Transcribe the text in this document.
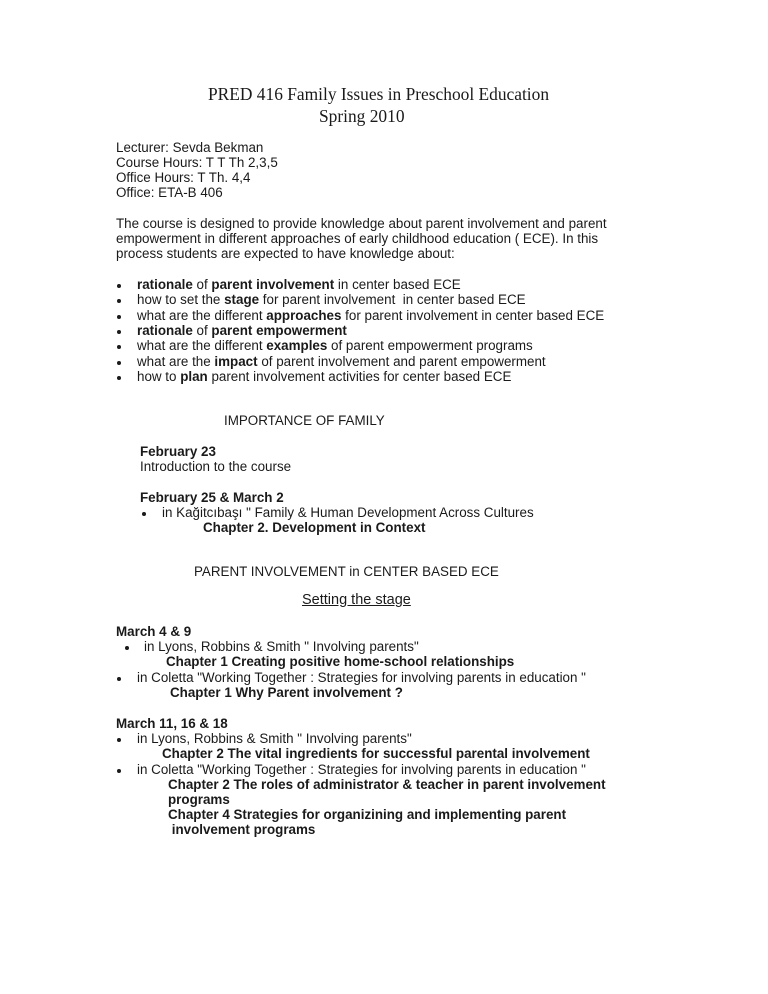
PRED 416 Family Issues in Preschool Education
Spring 2010
Lecturer: Sevda Bekman
Course Hours: T T Th 2,3,5
Office Hours: T Th. 4,4
Office: ETA-B 406
The course is designed to provide knowledge about parent involvement and parent
empowerment in different approaches of early childhood education ( ECE). In this
process students are expected to have knowledge about:
rationale of parent involvement in center based ECE
how to set the stage for parent involvement  in center based ECE
what are the different approaches for parent involvement in center based ECE
rationale of parent empowerment
what are the different examples of parent empowerment programs
what are the impact of parent involvement and parent empowerment
how to plan parent involvement activities for center based ECE
IMPORTANCE OF FAMILY
February 23
Introduction to the course
February 25 & March 2
in Kağitcıbaşı " Family & Human Development Across Cultures
Chapter 2. Development in Context
PARENT INVOLVEMENT in CENTER BASED ECE
Setting the stage
March 4 & 9
in Lyons, Robbins & Smith " Involving parents"
Chapter 1 Creating positive home-school relationships
in Coletta "Working Together : Strategies for involving parents in education "
Chapter 1 Why Parent involvement ?
March 11, 16 & 18
in Lyons, Robbins & Smith " Involving parents"
Chapter 2 The vital ingredients for successful parental involvement
in Coletta "Working Together : Strategies for involving parents in education "
Chapter 2 The roles of administrator & teacher in parent involvement
programs
Chapter 4 Strategies for organizining and implementing parent
involvement programs
